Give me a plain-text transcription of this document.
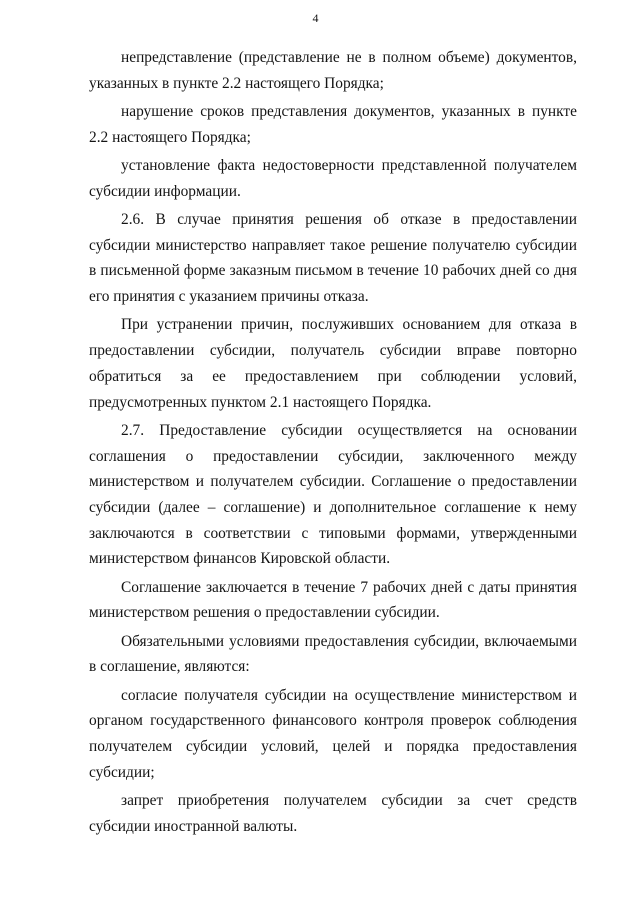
4

непредставление (представление не в полном объеме) документов, указанных в пункте 2.2 настоящего Порядка;

нарушение сроков представления документов, указанных в пункте 2.2 настоящего Порядка;

установление факта недостоверности представленной получателем субсидии информации.

2.6. В случае принятия решения об отказе в предоставлении субсидии министерство направляет такое решение получателю субсидии в письменной форме заказным письмом в течение 10 рабочих дней со дня его принятия с указанием причины отказа.

При устранении причин, послуживших основанием для отказа в предоставлении субсидии, получатель субсидии вправе повторно обратиться за ее предоставлением при соблюдении условий, предусмотренных пунктом 2.1 настоящего Порядка.

2.7. Предоставление субсидии осуществляется на основании соглашения о предоставлении субсидии, заключенного между министерством и получателем субсидии. Соглашение о предоставлении субсидии (далее – соглашение) и дополнительное соглашение к нему заключаются в соответствии с типовыми формами, утвержденными министерством финансов Кировской области.

Соглашение заключается в течение 7 рабочих дней с даты принятия министерством решения о предоставлении субсидии.

Обязательными условиями предоставления субсидии, включаемыми в соглашение, являются:

согласие получателя субсидии на осуществление министерством и органом государственного финансового контроля проверок соблюдения получателем субсидии условий, целей и порядка предоставления субсидии;

запрет приобретения получателем субсидии за счет средств субсидии иностранной валюты.
